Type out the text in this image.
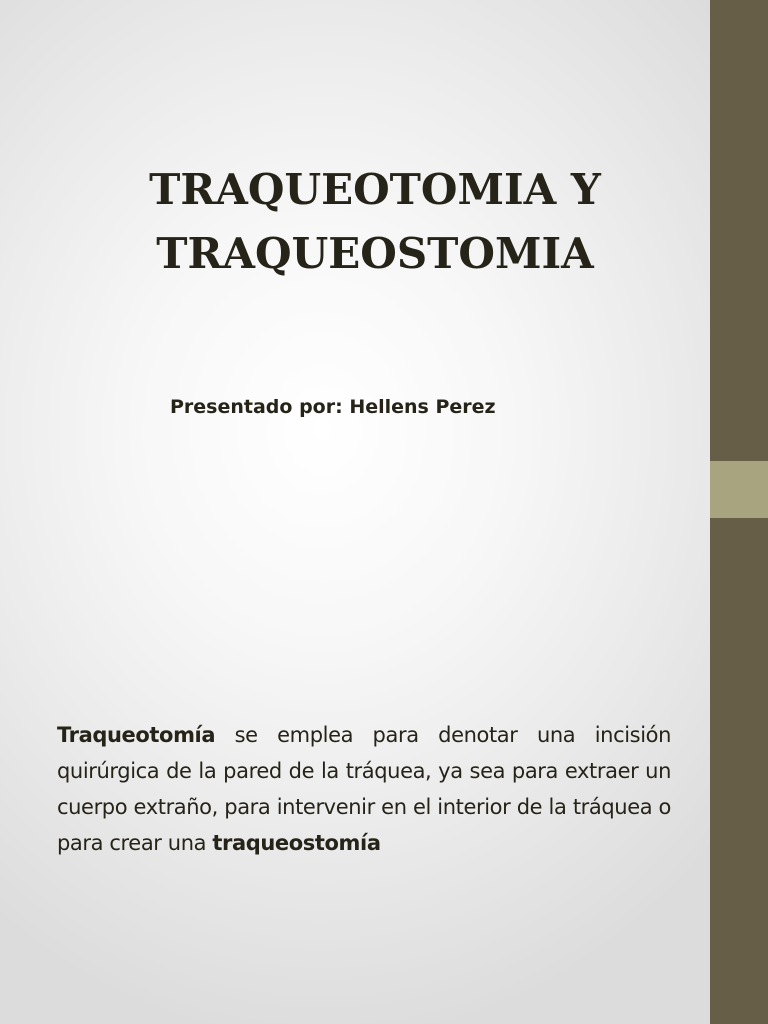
TRAQUEOTOMIA Y
TRAQUEOSTOMIA

Presentado por: Hellens Perez

Traqueotomía se emplea para denotar una incisión quirúrgica de la pared de la tráquea, ya sea para extraer un cuerpo extraño, para intervenir en el interior de la tráquea o para crear una traqueostomía
